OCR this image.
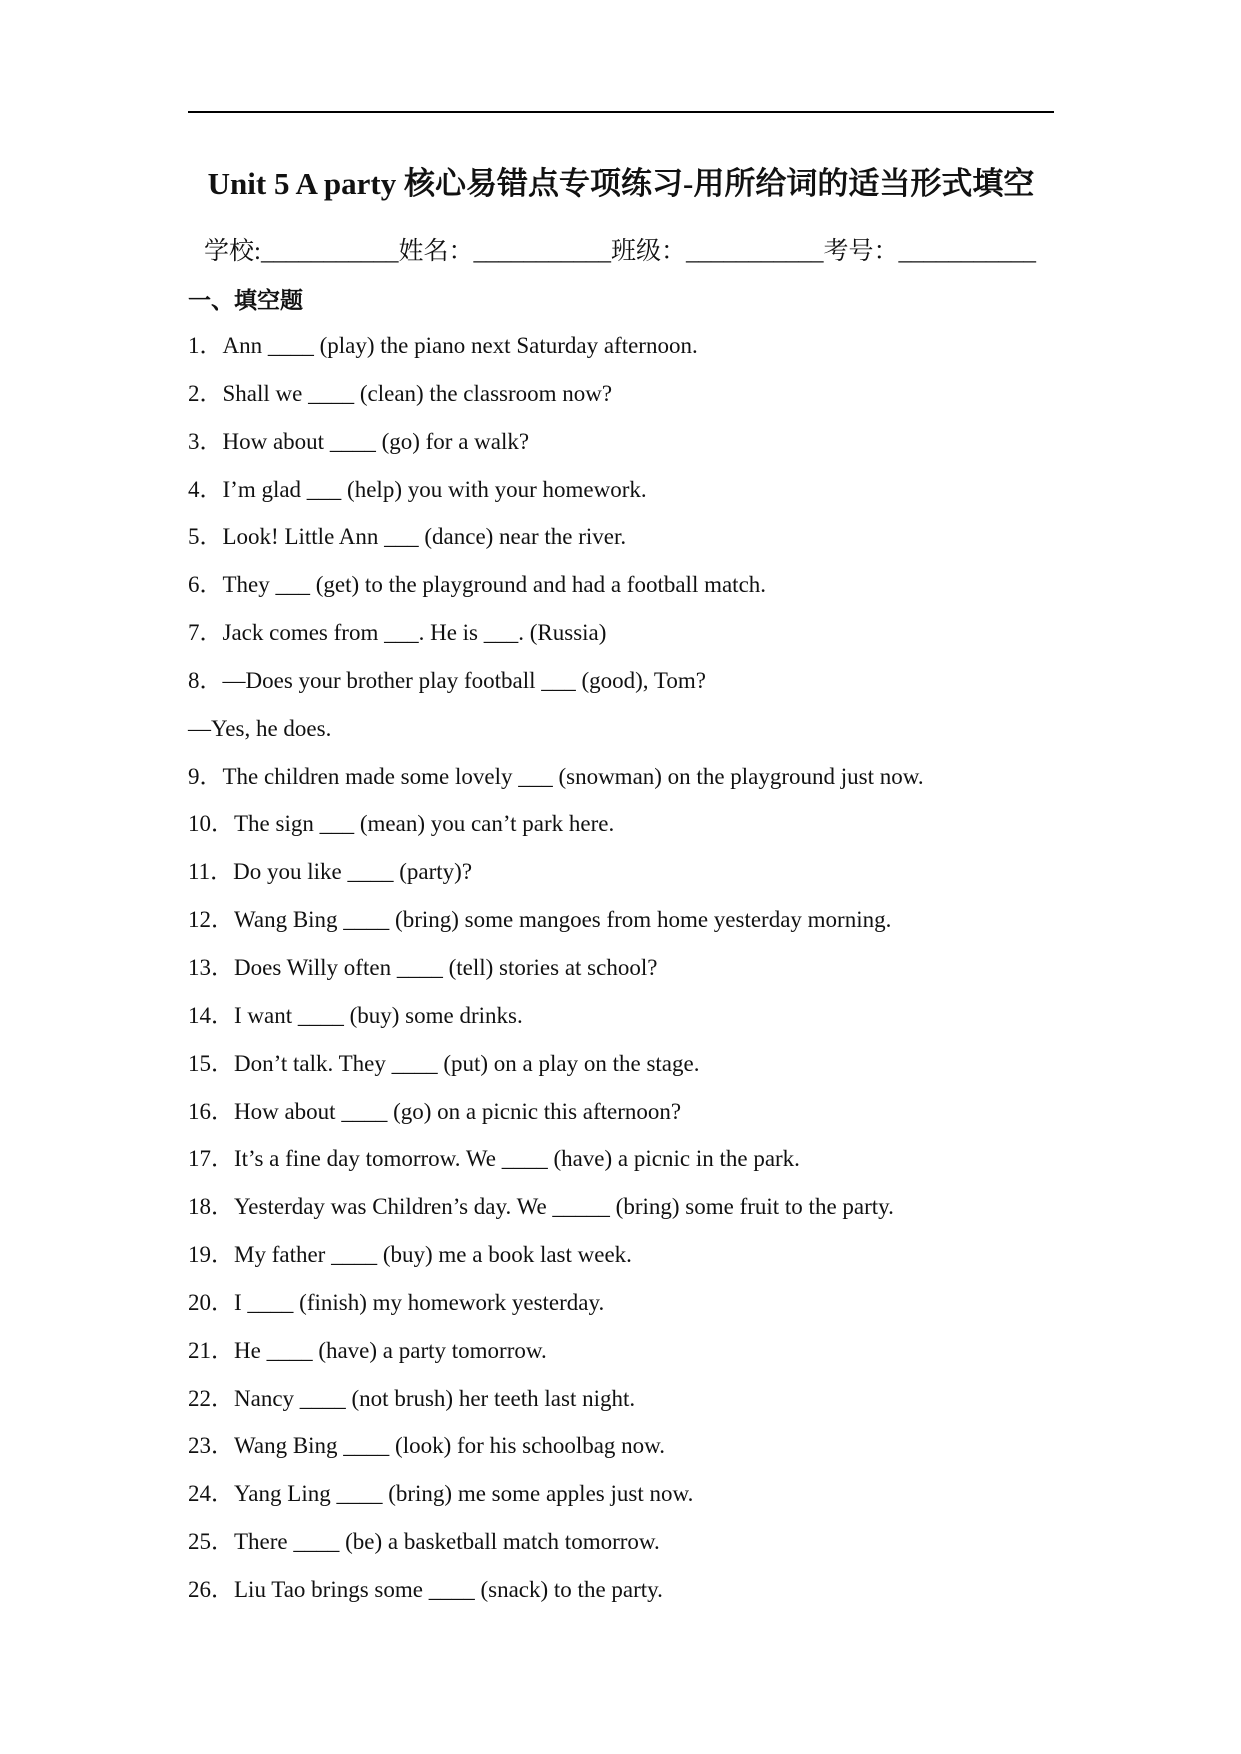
Unit 5 A party 核心易错点专项练习-用所给词的适当形式填空
学校:___________姓名：___________班级：___________考号：___________
一、填空题
1．Ann ____ (play) the piano next Saturday afternoon.
2．Shall we ____ (clean) the classroom now?
3．How about ____ (go) for a walk?
4．I’m glad ___ (help) you with your homework.
5．Look! Little Ann ___ (dance) near the river.
6．They ___ (get) to the playground and had a football match.
7．Jack comes from ___. He is ___. (Russia)
8．—Does your brother play football ___ (good), Tom?
—Yes, he does.
9．The children made some lovely ___ (snowman) on the playground just now.
10．The sign ___ (mean) you can’t park here.
11．Do you like ____ (party)?
12．Wang Bing ____ (bring) some mangoes from home yesterday morning.
13．Does Willy often ____ (tell) stories at school?
14．I want ____ (buy) some drinks.
15．Don’t talk. They ____ (put) on a play on the stage.
16．How about ____ (go) on a picnic this afternoon?
17．It’s a fine day tomorrow. We ____ (have) a picnic in the park.
18．Yesterday was Children’s day. We _____ (bring) some fruit to the party.
19．My father ____ (buy) me a book last week.
20．I ____ (finish) my homework yesterday.
21．He ____ (have) a party tomorrow.
22．Nancy ____ (not brush) her teeth last night.
23．Wang Bing ____ (look) for his schoolbag now.
24．Yang Ling ____ (bring) me some apples just now.
25．There ____ (be) a basketball match tomorrow.
26．Liu Tao brings some ____ (snack) to the party.
